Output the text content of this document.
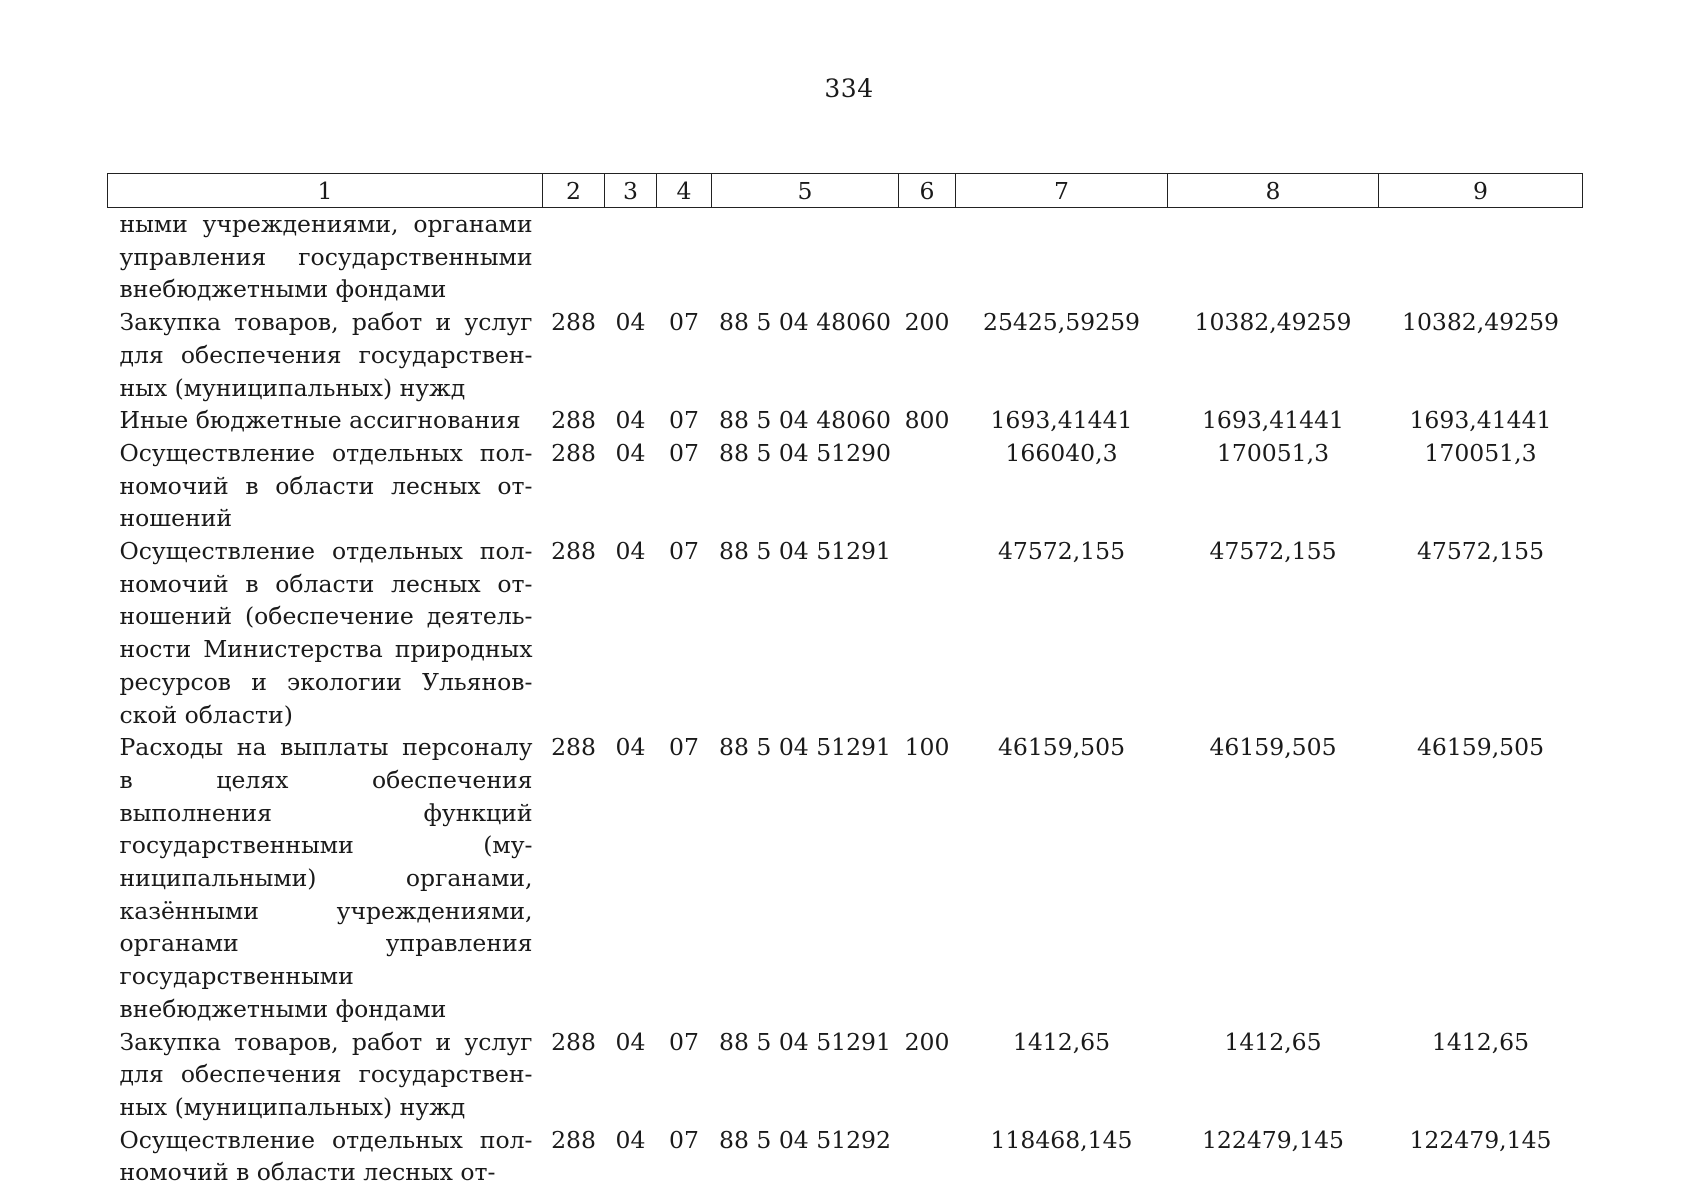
334
1	2	3	4	5	6	7	8	9
ными учреждениями, органами управления государственными внебюджетными фондами								
Закупка товаров, работ и услуг для обеспечения государственных (муниципальных) нужд	288	04	07	88 5 04 48060	200	25425,59259	10382,49259	10382,49259
Иные бюджетные ассигнования	288	04	07	88 5 04 48060	800	1693,41441	1693,41441	1693,41441
Осуществление отдельных полномочий в области лесных отношений	288	04	07	88 5 04 51290		166040,3	170051,3	170051,3
Осуществление отдельных полномочий в области лесных отношений (обеспечение деятельности Министерства природных ресурсов и экологии Ульяновской области)	288	04	07	88 5 04 51291		47572,155	47572,155	47572,155
Расходы на выплаты персоналу в целях обеспечения выполнения функций государственными (муниципальными) органами, казёнными учреждениями, органами управления государственными внебюджетными фондами	288	04	07	88 5 04 51291	100	46159,505	46159,505	46159,505
Закупка товаров, работ и услуг для обеспечения государственных (муниципальных) нужд	288	04	07	88 5 04 51291	200	1412,65	1412,65	1412,65
Осуществление отдельных полномочий в области лесных от-	288	04	07	88 5 04 51292		118468,145	122479,145	122479,145
